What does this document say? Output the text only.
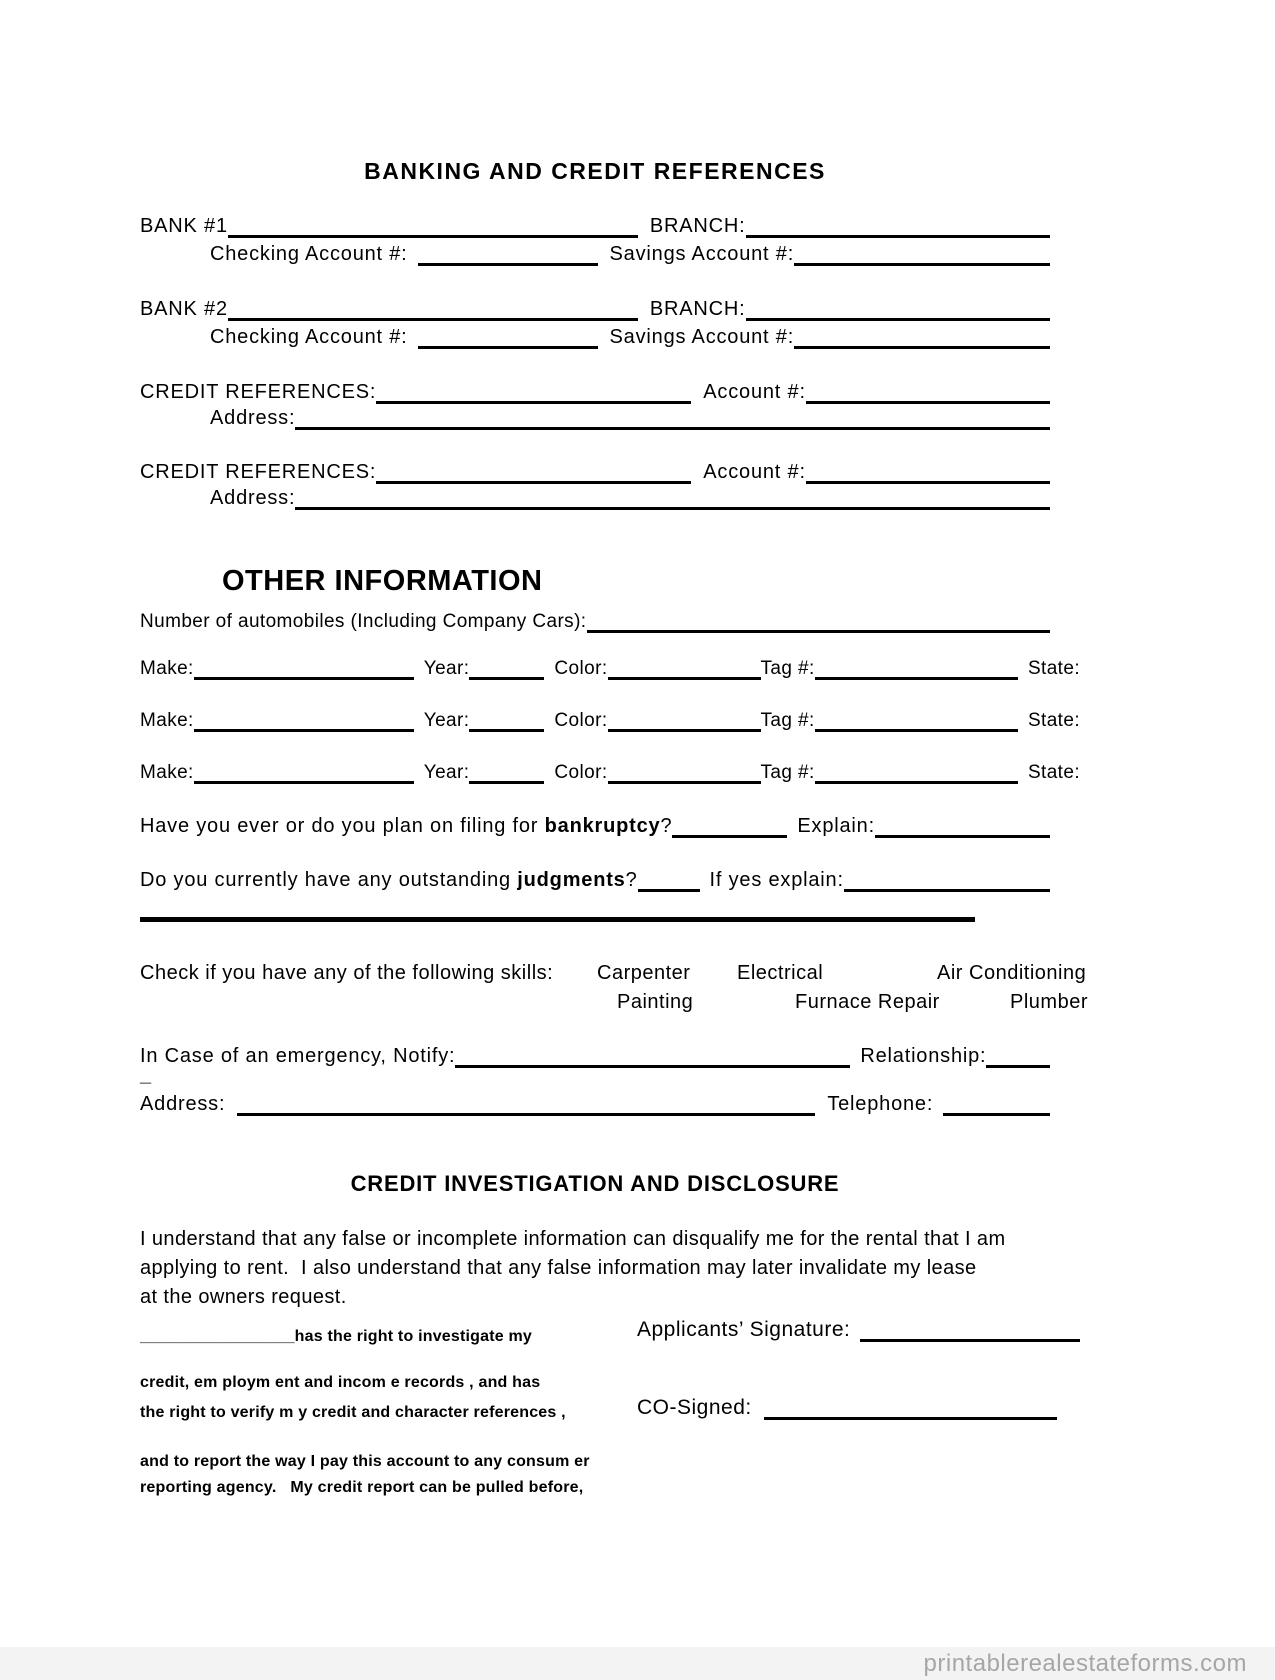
BANKING AND CREDIT REFERENCES
BANK #1	BRANCH:
Checking Account #:	Savings Account #:
BANK #2	BRANCH:
Checking Account #:	Savings Account #:
CREDIT REFERENCES:	Account #:
Address:
CREDIT REFERENCES:	Account #:
Address:
OTHER INFORMATION
Number of automobiles (Including Company Cars):
Make:	Year:	Color:	Tag #:	State:
Make:	Year:	Color:	Tag #:	State:
Make:	Year:	Color:	Tag #:	State:
Have you ever or do you plan on filing for bankruptcy ?	Explain:
Do you currently have any outstanding judgments ?	If yes explain:
Check if you have any of the following skills: Carpenter Electrical	Air Conditioning
Painting	Furnace Repair	Plumber
In Case of an emergency, Notify:	Relationship:
_
Address:	Telephone:
CREDIT INVESTIGATION AND DISCLOSURE
I understand that any false or incomplete information can disqualify me for the rental that I am
applying to rent.  I also understand that any false information may later invalidate my lease
at the owners request.
_________________has the right to investigate my
credit, em ploym ent and incom e records , and has
the right to verify m y credit and character references ,
and to report the way I pay this account to any consum er
reporting agency.   My credit report can be pulled before,
Applicants’ Signature:
CO-Signed:
printablerealestateforms.com
